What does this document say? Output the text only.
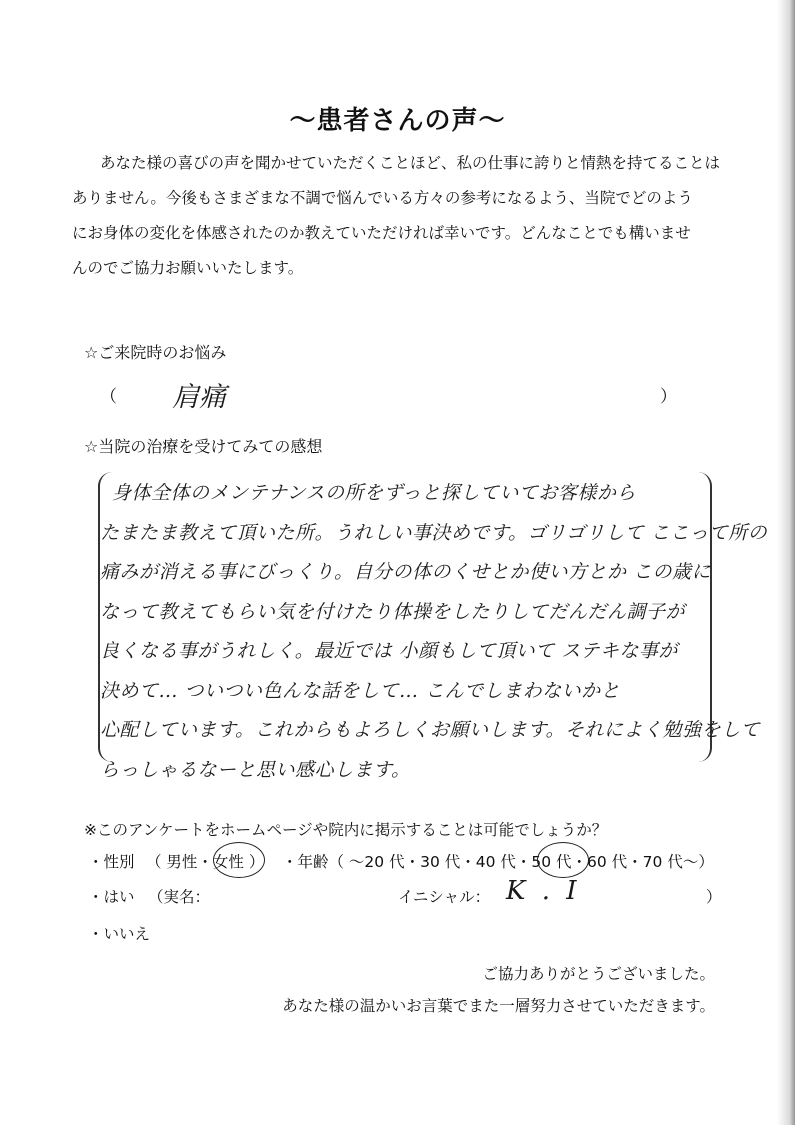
～患者さんの声～
あなた様の喜びの声を聞かせていただくことほど、私の仕事に誇りと情熱を持てることは
ありません。今後もさまざまな不調で悩んでいる方々の参考になるよう、当院でどのよう
にお身体の変化を体感されたのか教えていただければ幸いです。どんなことでも構いませ
んのでご協力お願いいたします。
☆ご来院時のお悩み
（ 肩痛	）
☆当院の治療を受けてみての感想
身体全体のメンテナンスの所をずっと探していてお客様から
たまたま教えて頂いた所。うれしい事決めです。ゴリゴリして ここって所の
痛みが消える事にびっくり。自分の体のくせとか使い方とか この歳に
なって教えてもらい気を付けたり体操をしたりしてだんだん調子が
良くなる事がうれしく。最近では 小顔もして頂いて ステキな事が
決めて… ついつい色んな話をして… こんでしまわないかと
心配しています。これからもよろしくお願いします。それによく勉強をして
らっしゃるなーと思い感心します。
※このアンケートをホームページや院内に掲示することは可能でしょうか？
・性別 （ 男性・女性 ） ・年齢（ ～20 代・30 代・40 代・50 代・60 代・70 代～）
・はい （実名：	イニシャル： K . I	）
・いいえ
ご協力ありがとうございました。
あなた様の温かいお言葉でまた一層努力させていただきます。
